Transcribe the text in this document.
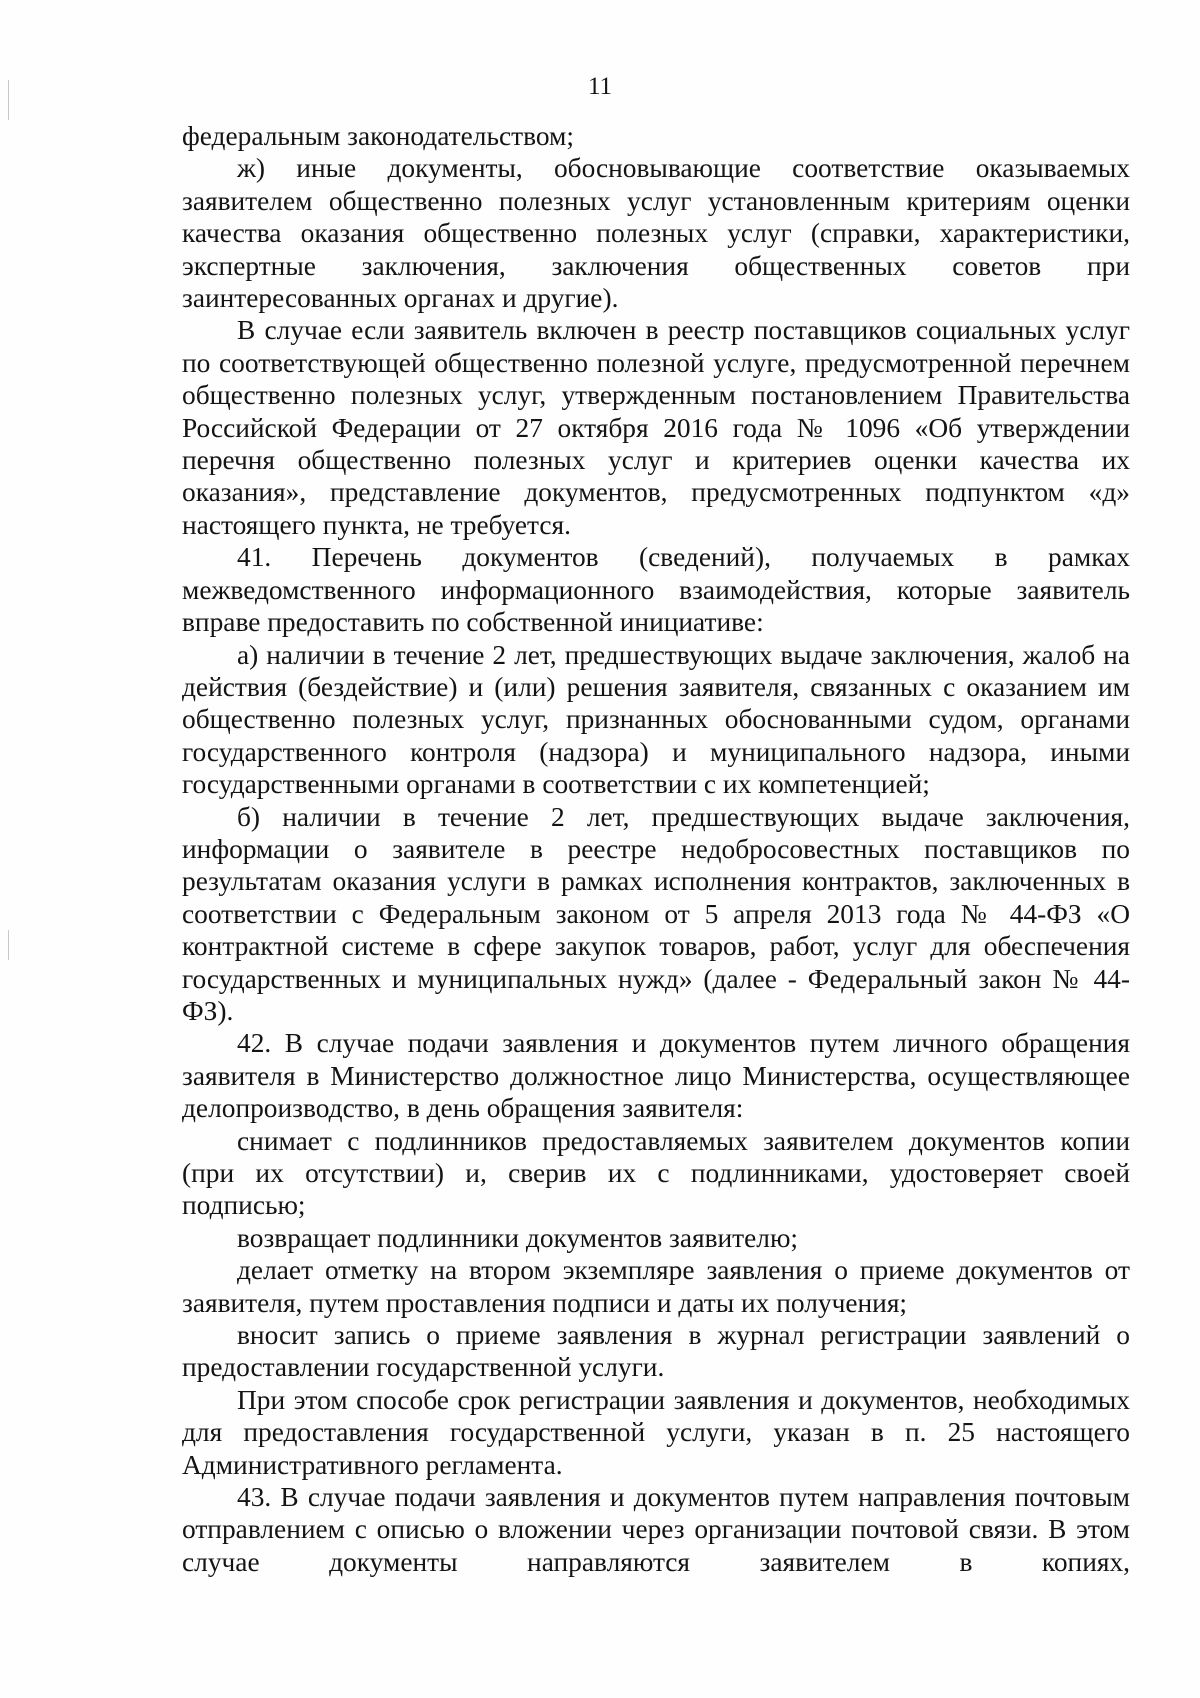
11

федеральным законодательством;

ж) иные документы, обосновывающие соответствие оказываемых заявителем общественно полезных услуг установленным критериям оценки качества оказания общественно полезных услуг (справки, характеристики, экспертные заключения, заключения общественных советов при заинтересованных органах и другие).

В случае если заявитель включен в реестр поставщиков социальных услуг по соответствующей общественно полезной услуге, предусмотренной перечнем общественно полезных услуг, утвержденным постановлением Правительства Российской Федерации от 27 октября 2016 года № 1096 «Об утверждении перечня общественно полезных услуг и критериев оценки качества их оказания», представление документов, предусмотренных подпунктом «д» настоящего пункта, не требуется.

41. Перечень документов (сведений), получаемых в рамках межведомственного информационного взаимодействия, которые заявитель вправе предоставить по собственной инициативе:

а) наличии в течение 2 лет, предшествующих выдаче заключения, жалоб на действия (бездействие) и (или) решения заявителя, связанных с оказанием им общественно полезных услуг, признанных обоснованными судом, органами государственного контроля (надзора) и муниципального надзора, иными государственными органами в соответствии с их компетенцией;

б) наличии в течение 2 лет, предшествующих выдаче заключения, информации о заявителе в реестре недобросовестных поставщиков по результатам оказания услуги в рамках исполнения контрактов, заключенных в соответствии с Федеральным законом от 5 апреля 2013 года № 44-ФЗ «О контрактной системе в сфере закупок товаров, работ, услуг для обеспечения государственных и муниципальных нужд» (далее - Федеральный закон № 44-ФЗ).

42. В случае подачи заявления и документов путем личного обращения заявителя в Министерство должностное лицо Министерства, осуществляющее делопроизводство, в день обращения заявителя:

снимает с подлинников предоставляемых заявителем документов копии (при их отсутствии) и, сверив их с подлинниками, удостоверяет своей подписью;

возвращает подлинники документов заявителю;

делает отметку на втором экземпляре заявления о приеме документов от заявителя, путем проставления подписи и даты их получения;

вносит запись о приеме заявления в журнал регистрации заявлений о предоставлении государственной услуги.

При этом способе срок регистрации заявления и документов, необходимых для предоставления государственной услуги, указан в п. 25 настоящего Административного регламента.

43. В случае подачи заявления и документов путем направления почтовым отправлением с описью о вложении через организации почтовой связи. В этом случае документы направляются заявителем в копиях,
